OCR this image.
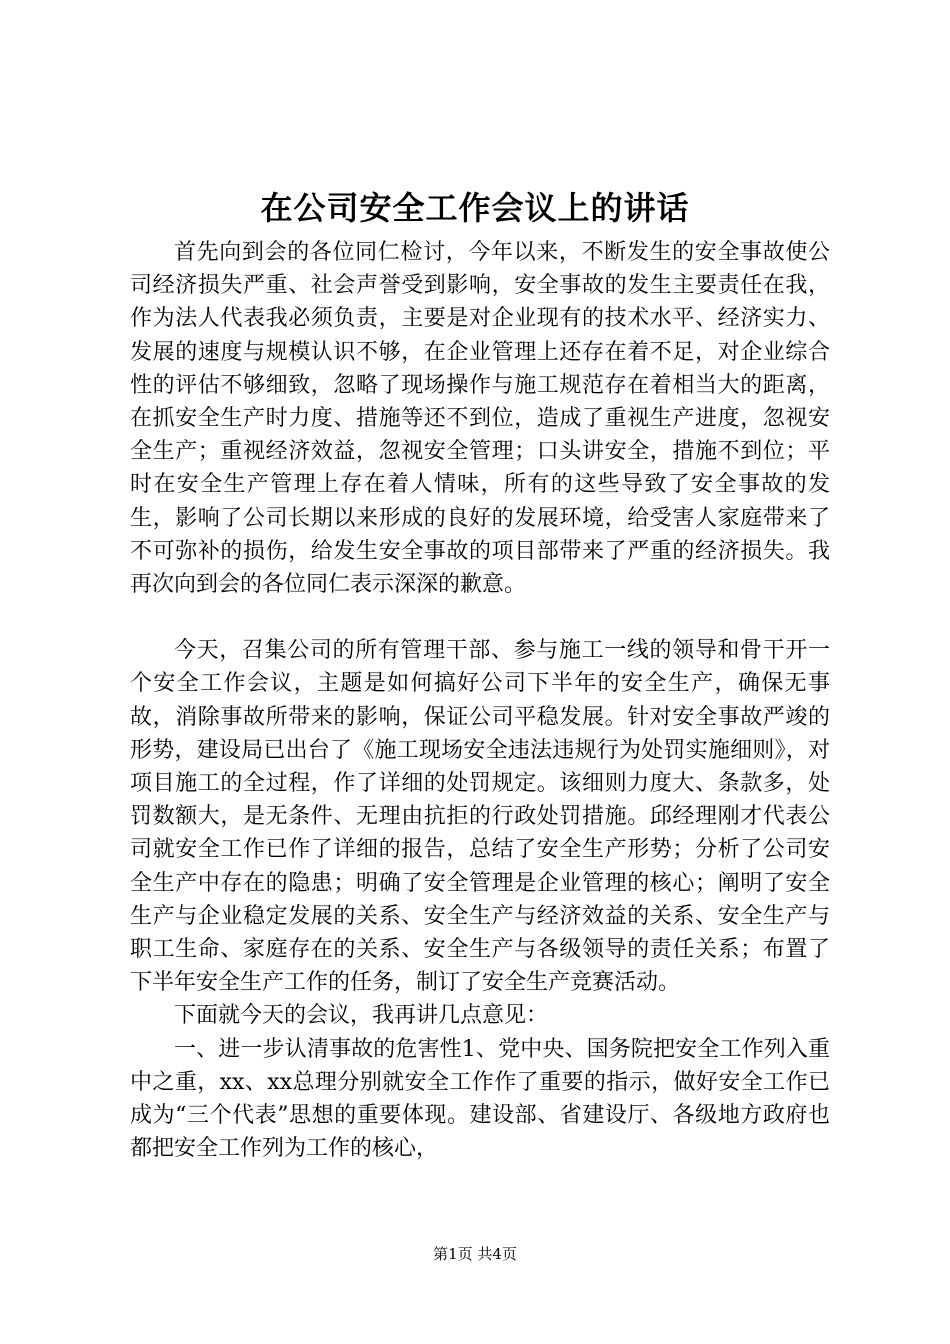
在公司安全工作会议上的讲话

首先向到会的各位同仁检讨，今年以来，不断发生的安全事故使公司经济损失严重、社会声誉受到影响，安全事故的发生主要责任在我，作为法人代表我必须负责，主要是对企业现有的技术水平、经济实力、发展的速度与规模认识不够，在企业管理上还存在着不足，对企业综合性的评估不够细致，忽略了现场操作与施工规范存在着相当大的距离，在抓安全生产时力度、措施等还不到位，造成了重视生产进度，忽视安全生产；重视经济效益，忽视安全管理；口头讲安全，措施不到位；平时在安全生产管理上存在着人情味，所有的这些导致了安全事故的发生，影响了公司长期以来形成的良好的发展环境，给受害人家庭带来了不可弥补的损伤，给发生安全事故的项目部带来了严重的经济损失。我再次向到会的各位同仁表示深深的歉意。

今天，召集公司的所有管理干部、参与施工一线的领导和骨干开一个安全工作会议，主题是如何搞好公司下半年的安全生产，确保无事故，消除事故所带来的影响，保证公司平稳发展。针对安全事故严竣的形势，建设局已出台了《施工现场安全违法违规行为处罚实施细则》，对项目施工的全过程，作了详细的处罚规定。该细则力度大、条款多，处罚数额大，是无条件、无理由抗拒的行政处罚措施。邱经理刚才代表公司就安全工作已作了详细的报告，总结了安全生产形势；分析了公司安全生产中存在的隐患；明确了安全管理是企业管理的核心；阐明了安全生产与企业稳定发展的关系、安全生产与经济效益的关系、安全生产与职工生命、家庭存在的关系、安全生产与各级领导的责任关系；布置了下半年安全生产工作的任务，制订了安全生产竞赛活动。

下面就今天的会议，我再讲几点意见：

一、进一步认清事故的危害性1、党中央、国务院把安全工作列入重中之重，xx、xx总理分别就安全工作作了重要的指示，做好安全工作已成为“三个代表”思想的重要体现。建设部、省建设厅、各级地方政府也都把安全工作列为工作的核心，

第1页 共4页
